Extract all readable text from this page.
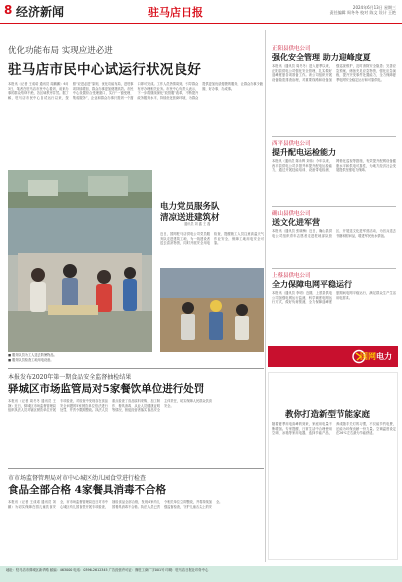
8 经济新闻	驻马店日报	2024年6月13日 星期三
责任编辑 周冬冬 校对 陈文 设计 王艳
优化功能布局 实现应进必进
驻马店市民中心试运行状况良好
本报讯（记者 王成诺 通讯员 周鹏鹏）6月3日，笔者在驻马店市民中心看到，前来办事的群众络绎不绝，各区域秩序井然。据了解，驻马店市民中心自试运行以来，按照“应进必进”原则，优化功能布局，进驻事项持续增加，群众办事更加便捷高效。市民中心设置综合受理窗口，实行“一窗受理、集成服务”，企业和群众办事只需到一个窗口即可完成。工作人员热情周到，引导群众有序办理相关业务。市民中心负责人表示，下一步将继续深化“放管服”改革，不断提升政务服务水平，持续优化营商环境，为群众提供更加优质便捷的服务，让群众办事少跑腿、好办事、办成事。
■ 服务队员为工人送去防暑物品。
■ 服务队员检查工地用电设备。
电力党员服务队
清凉送进建筑材
通讯员 刘 鑫 王 磊
近日，国网驻马店供电公司党员服务队走进建筑工地，为一线建设者送去清凉物资，同时开展安全用电检查，提醒施工人员注意高温天气作业安全，保障工地用电安全可靠。
正阳县供电公司
强化安全管理 助力迎峰度夏
本报讯（通讯员 周冬冬）进入夏季以来，正阳县供电公司强化安全管理，扎实做好迎峰度夏各项准备工作。该公司组织开展设备隐患排查治理，对重要线路和设备加强巡视维护，及时消除安全隐患；完善应急预案，储备充足应急物资，强化应急演练，提升突发事件处置能力，全力保障夏季电网安全稳定运行和可靠供电。
西平县供电公司
提升配电运检能力
本报讯（通讯员 陈永辉 刘伟）今年以来，西平县供电公司多措并举提升配电运检能力，通过开展技能培训、设备带电检测、网格化巡视等措施，有效提升配网设备健康水平和供电可靠性，为地方经济社会发展提供坚强电力保障。
确山县供电公司
送文化进军营
本报讯（通讯员 张晓梅）近日，确山县供电公司组织青年志愿者走进驻地部队营区，开展送文化进军营活动，为官兵送去书籍和慰问品，增进军民鱼水情谊。
上蔡县供电公司
全力保障电网平稳运行
本报讯（通讯员 李明）近期，上蔡县供电公司加强电网运行监测，科学调度电网运行方式，做好负荷预测，全力保障迎峰度夏期间电网平稳运行，满足群众生产生活用电需求。
国网电力
本报发布2020年第一期食品安全监督抽检结果
驿城区市场监管局对5家餐饮单位进行处罚
本报讯（记者 周冬冬 通讯员 王静）近日，驿城区市场监督管理局组织执法人员对辖区餐饮单位开展专项检查，对检查中发现存在食品安全问题的5家餐饮单位依法进行处罚，并责令限期整改。执法人员重点检查了食品原料采购、加工制作、餐具消毒、从业人员健康证明等情况，督促经营者落实食品安全主体责任，切实保障人民群众饮食安全。
市市场监督管理局对市中心城区幼儿园食堂进行检查
食品全部合格 4家餐具消毒不合格
本报讯（记者 王成诺 通讯员 刘鹏）为切实保障在园儿童饮食安全，市市场监督管理局近日对市中心城区幼儿园食堂开展专项检查，抽检食品全部合格，发现4家幼儿园餐具消毒不合格。执法人员已责令相关单位立即整改，并将持续加强监督检查，守护儿童舌尖上的安全。
教你打造新型节能家庭
随着夏季用电高峰的到来，家庭用电量不断增加。专家提醒，日常生活中合理使用空调、冰箱等家用电器，选择节能产品，养成随手关灯的习惯，不仅能节约电费，还能为环保贡献一份力量。空调温度设定在26℃左右最为节能舒适。
地址：驻马店市驿城区新华路 邮编：463000 电话：0396-2612345 广告经营许可证：豫驻工商广字001号 印刷：驻马店日报社印务中心
